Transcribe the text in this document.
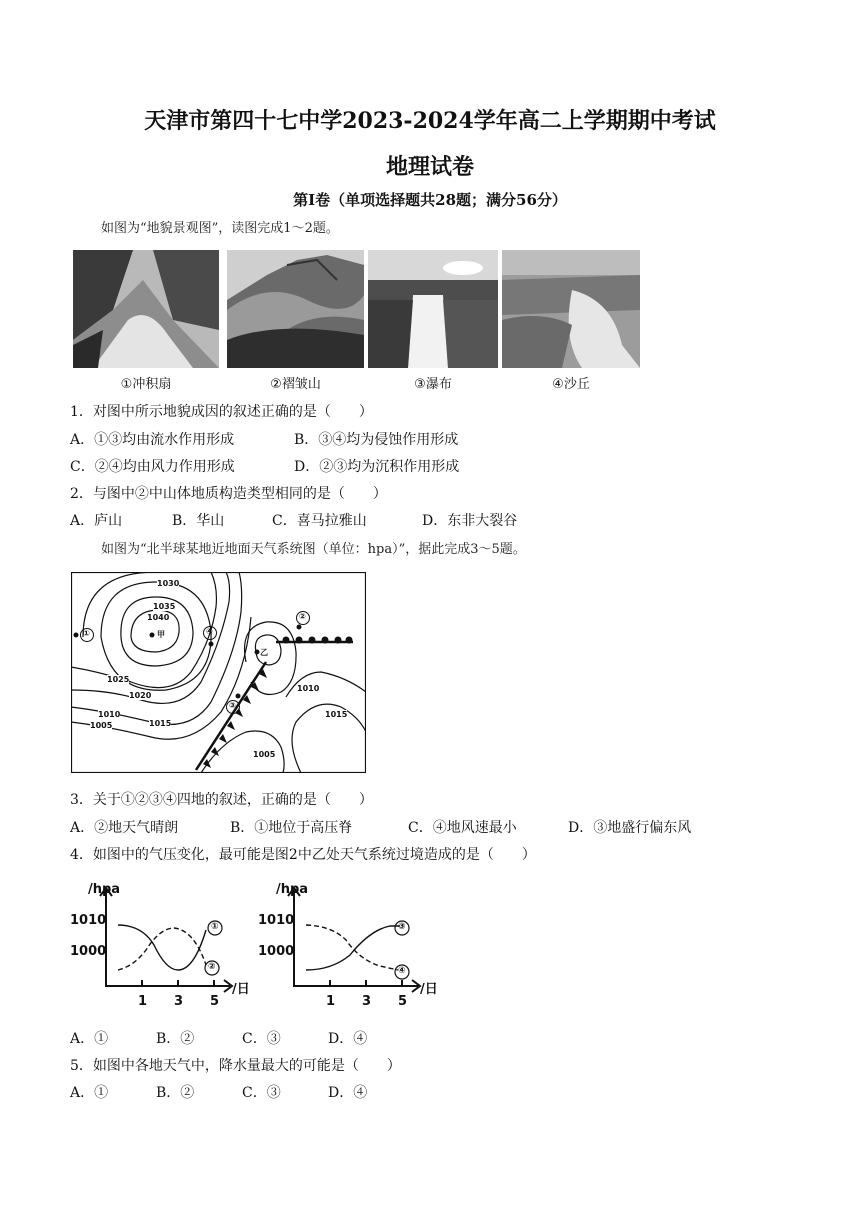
天津市第四十七中学2023-2024学年高二上学期期中考试
地理试卷
第Ⅰ卷（单项选择题共28题；满分56分）
如图为“地貌景观图”，读图完成1～2题。
①冲积扇	②褶皱山	③瀑布	④沙丘
1．对图中所示地貌成因的叙述正确的是（　　）
A．①③均由流水作用形成	B．③④均为侵蚀作用形成
C．②④均由风力作用形成	D．②③均为沉积作用形成
2．与图中②中山体地质构造类型相同的是（　　）
A．庐山	B．华山	C．喜马拉雅山	D．东非大裂谷
如图为“北半球某地近地面天气系统图（单位：hpa）”，据此完成3～5题。
①
②
③
④
甲
乙
1030
1035
1040
1025
1020
1010
1005	1015
1010
1015
1005
3．关于①②③④四地的叙述，正确的是（　　）
A．②地天气晴朗	B．①地位于高压脊	C．④地风速最小	D．③地盛行偏东风
4．如图中的气压变化，最可能是图2中乙处天气系统过境造成的是（　　）
/hpa
1010
1000
1 3 5
/日
①
②
/hpa
1010
1000
1 3 5
/日
③
④
A．①	B．②	C．③	D．④
5．如图中各地天气中，降水量最大的可能是（　　）
A．①	B．②	C．③	D．④
